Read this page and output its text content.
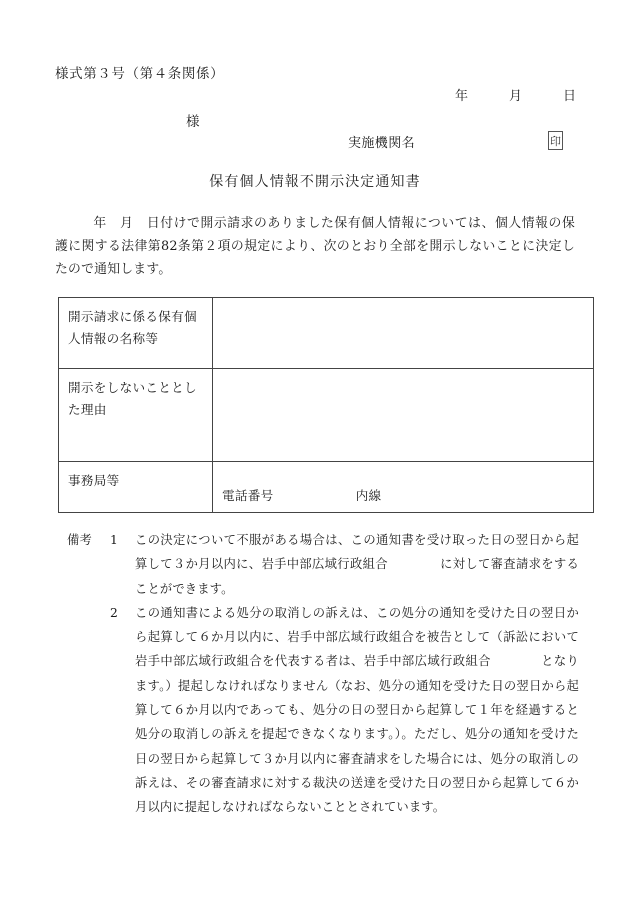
様式第３号（第４条関係）
年　　　月　　　日
様
実施機関名	印
保有個人情報不開示決定通知書
年 月 日付けで開示請求のありました保有個人情報については、個人情報の保護に関する法律第82条第２項の規定により、次のとおり全部を開示しないことに決定したので通知します。
開示請求に係る保有個人情報の名称等	
開示をしないこととした理由	
事務局等	電話番号 内線
備考 1 この決定について不服がある場合は、この通知書を受け取った日の翌日から起算して３か月以内に、岩手中部広域行政組合	に対して審査請求をすることができます。

2 この通知書による処分の取消しの訴えは、この処分の通知を受けた日の翌日から起算して６か月以内に、岩手中部広域行政組合を被告として（訴訟において岩手中部広域行政組合を代表する者は、岩手中部広域行政組合	となります。）提起しなければなりません（なお、処分の通知を受けた日の翌日から起算して６か月以内であっても、処分の日の翌日から起算して１年を経過すると処分の取消しの訴えを提起できなくなります。）。ただし、処分の通知を受けた日の翌日から起算して３か月以内に審査請求をした場合には、処分の取消しの訴えは、その審査請求に対する裁決の送達を受けた日の翌日から起算して６か月以内に提起しなければならないこととされています。
